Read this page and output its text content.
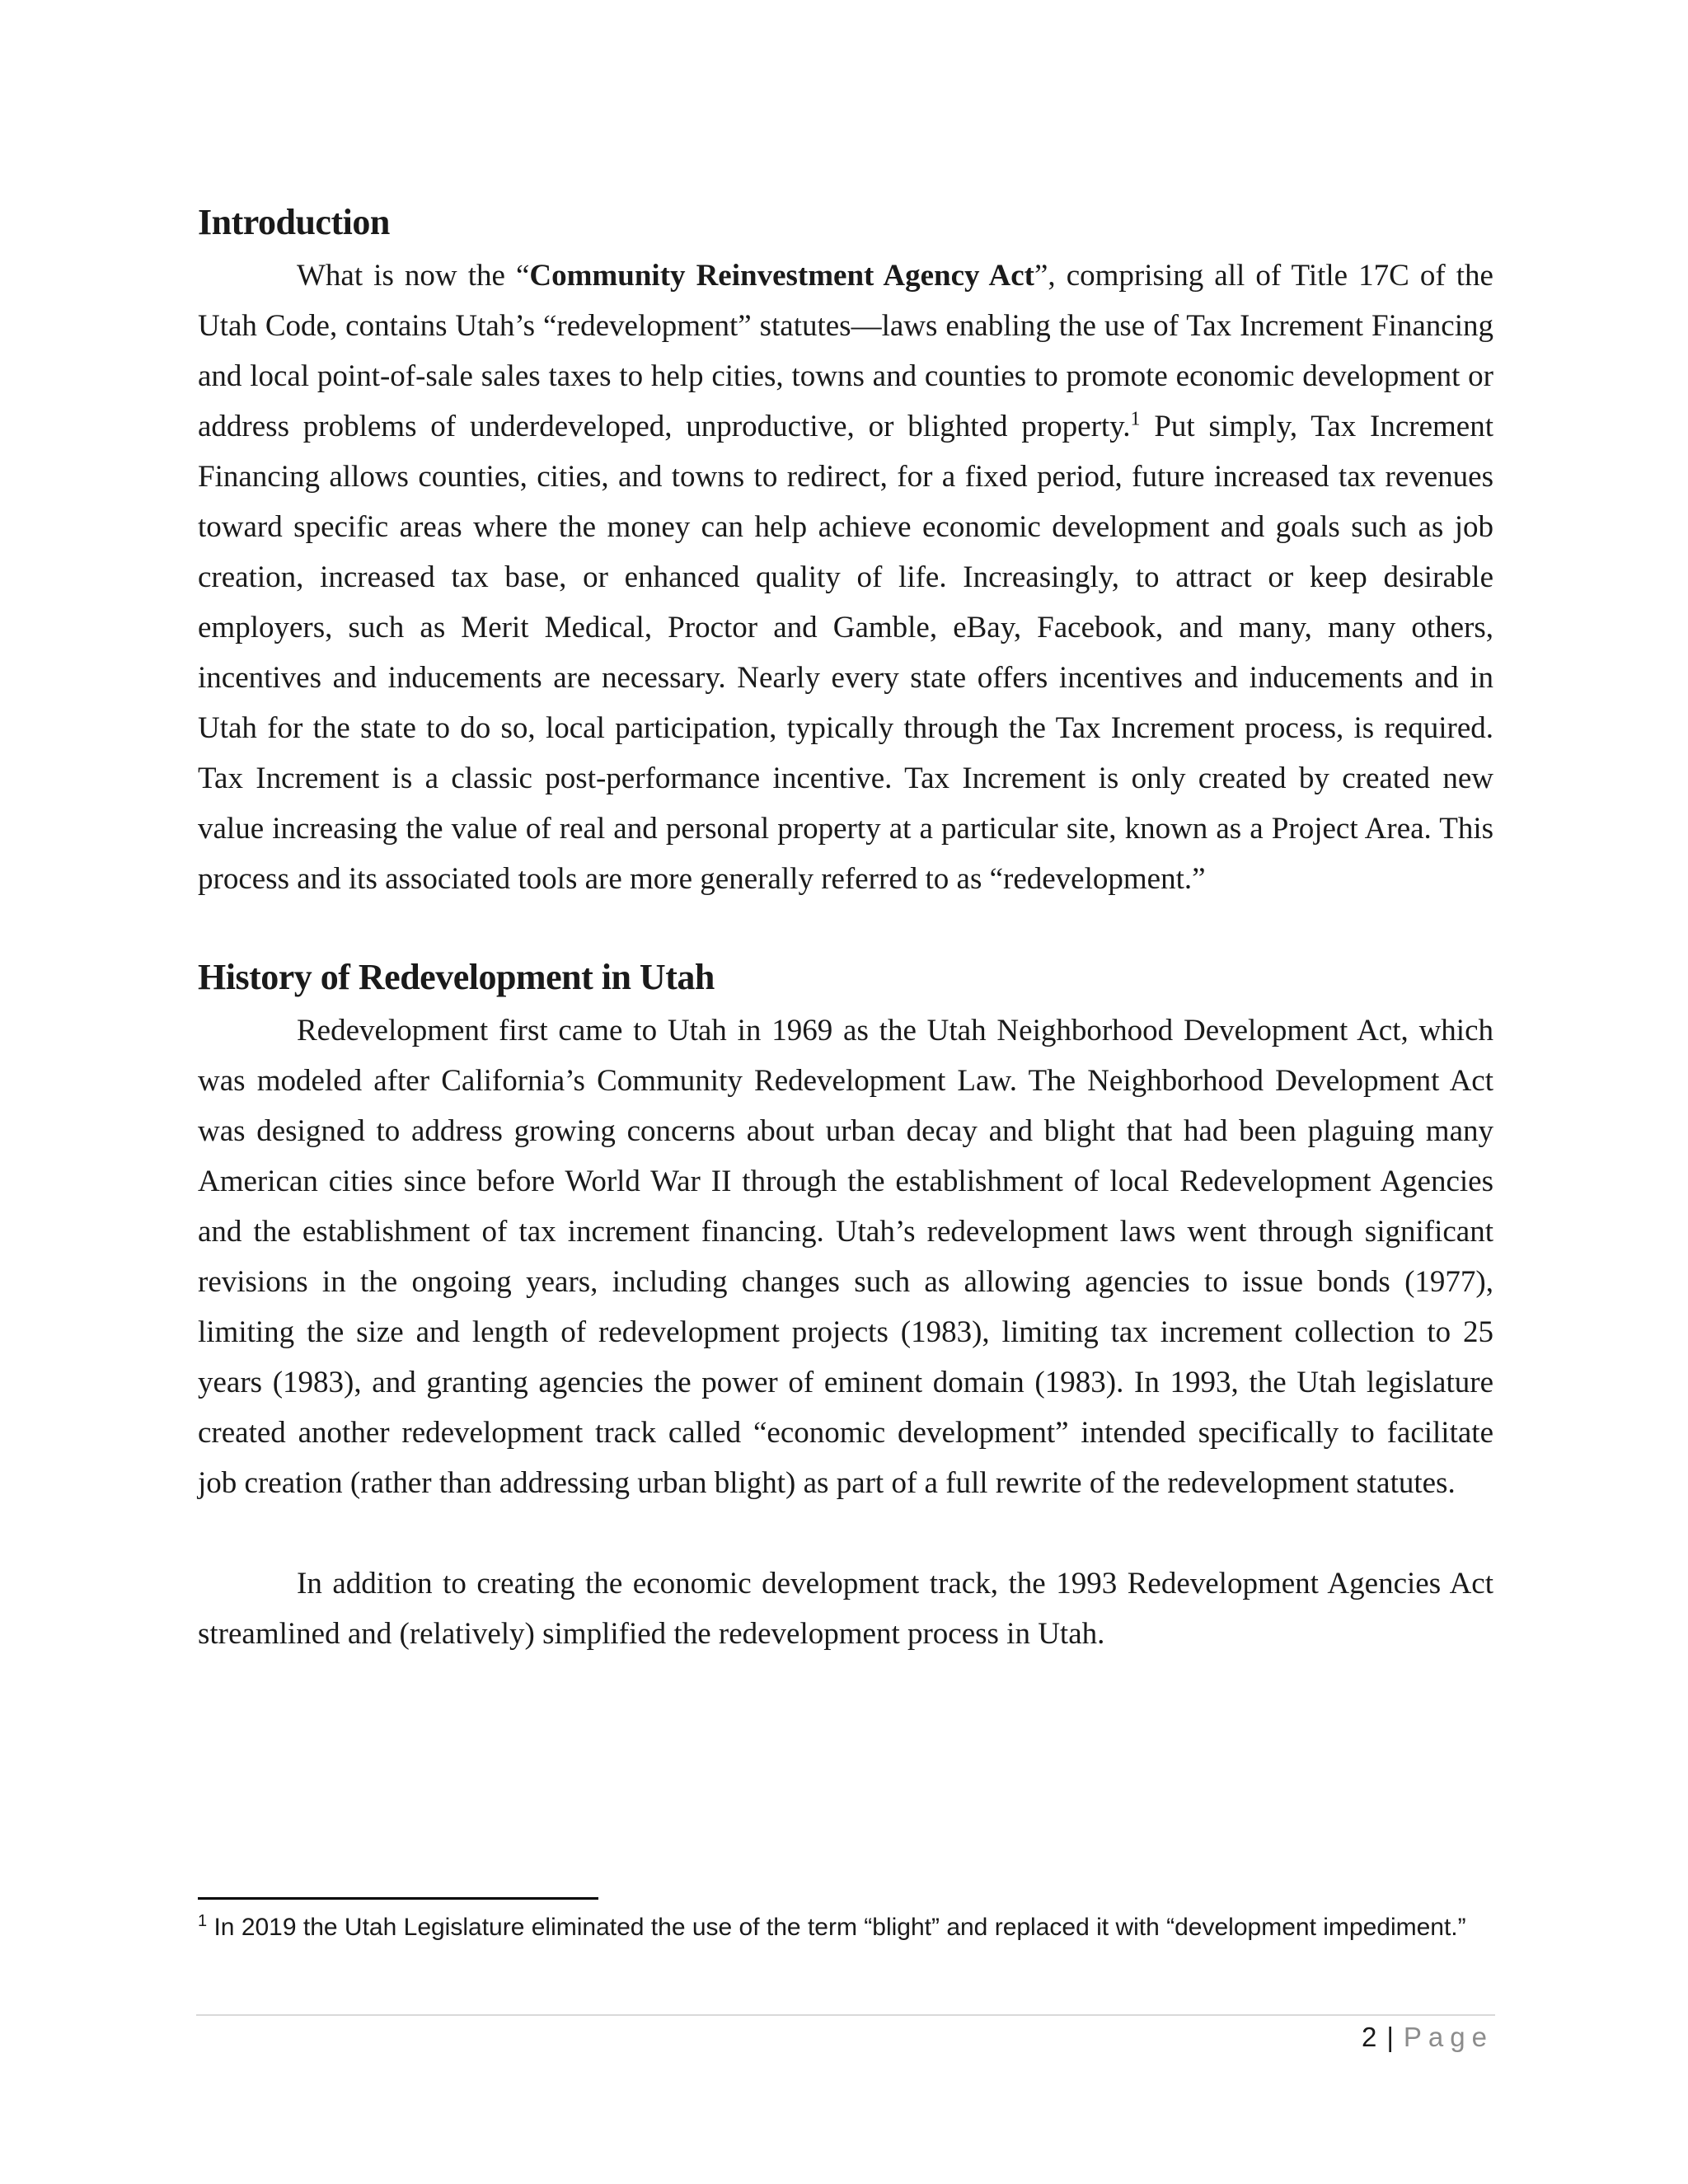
Introduction

What is now the “Community Reinvestment Agency Act”, comprising all of Title 17C of the Utah Code, contains Utah’s “redevelopment” statutes—laws enabling the use of Tax Increment Financing and local point-of-sale sales taxes to help cities, towns and counties to promote economic development or address problems of underdeveloped, unproductive, or blighted property.$^1$ Put simply, Tax Increment Financing allows counties, cities, and towns to redirect, for a fixed period, future increased tax revenues toward specific areas where the money can help achieve economic development and goals such as job creation, increased tax base, or enhanced quality of life. Increasingly, to attract or keep desirable employers, such as Merit Medical, Proctor and Gamble, eBay, Facebook, and many, many others, incentives and inducements are necessary. Nearly every state offers incentives and inducements and in Utah for the state to do so, local participation, typically through the Tax Increment process, is required. Tax Increment is a classic post-performance incentive. Tax Increment is only created by created new value increasing the value of real and personal property at a particular site, known as a Project Area. This process and its associated tools are more generally referred to as “redevelopment.”

History of Redevelopment in Utah

Redevelopment first came to Utah in 1969 as the Utah Neighborhood Development Act, which was modeled after California’s Community Redevelopment Law. The Neighborhood Development Act was designed to address growing concerns about urban decay and blight that had been plaguing many American cities since before World War II through the establishment of local Redevelopment Agencies and the establishment of tax increment financing. Utah’s redevelopment laws went through significant revisions in the ongoing years, including changes such as allowing agencies to issue bonds (1977), limiting the size and length of redevelopment projects (1983), limiting tax increment collection to 25 years (1983), and granting agencies the power of eminent domain (1983). In 1993, the Utah legislature created another redevelopment track called “economic development” intended specifically to facilitate job creation (rather than addressing urban blight) as part of a full rewrite of the redevelopment statutes.

In addition to creating the economic development track, the 1993 Redevelopment Agencies Act streamlined and (relatively) simplified the redevelopment process in Utah.

$^1$ In 2019 the Utah Legislature eliminated the use of the term “blight” and replaced it with “development impediment.”
2 | Page
